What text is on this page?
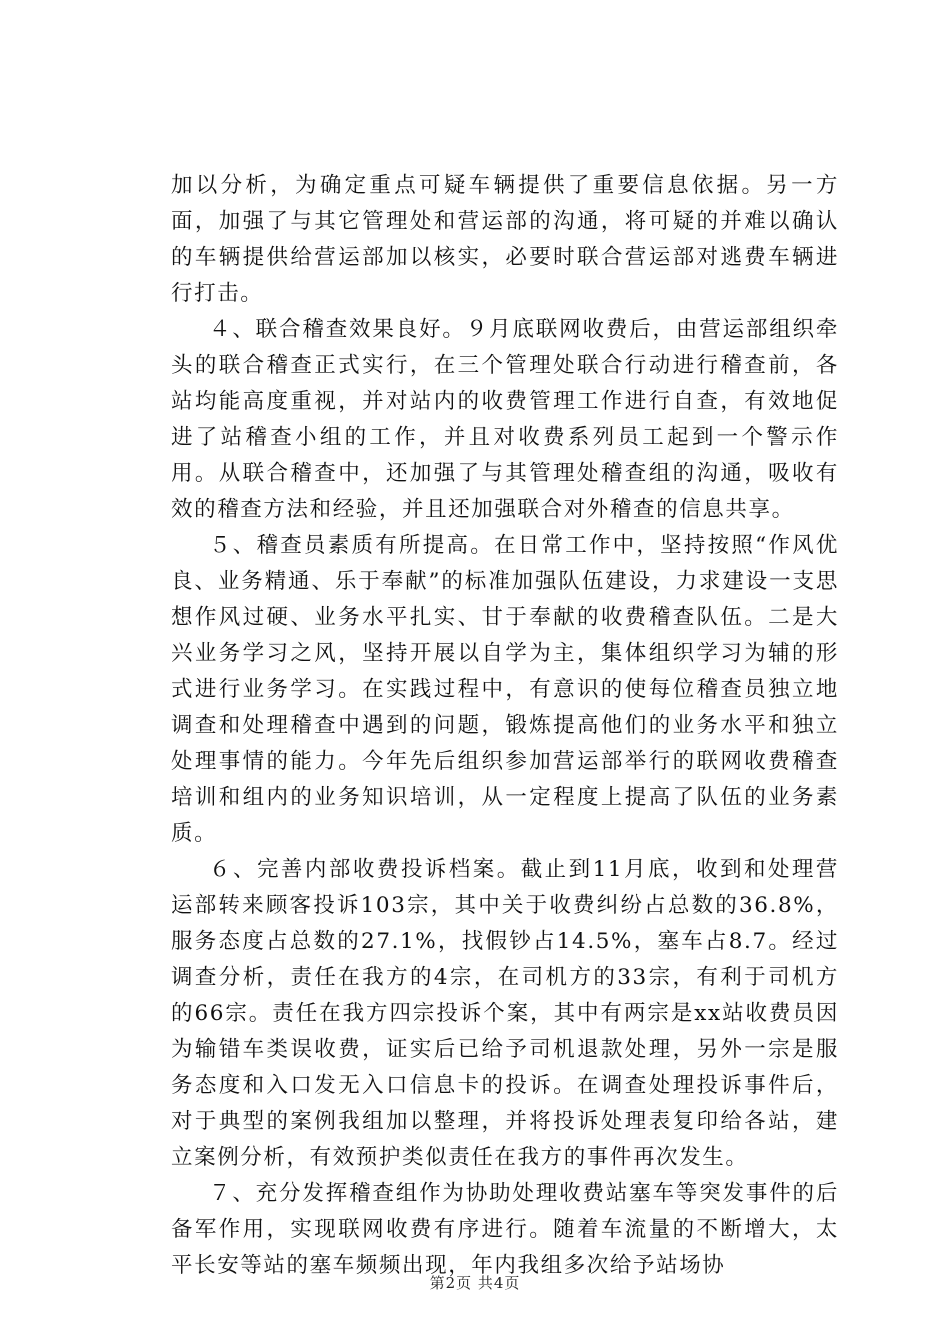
加以分析，为确定重点可疑车辆提供了重要信息依据。另一方面，加强了与其它管理处和营运部的沟通，将可疑的并难以确认的车辆提供给营运部加以核实，必要时联合营运部对逃费车辆进行打击。

４、联合稽查效果良好。９月底联网收费后，由营运部组织牵头的联合稽查正式实行，在三个管理处联合行动进行稽查前，各站均能高度重视，并对站内的收费管理工作进行自查，有效地促进了站稽查小组的工作，并且对收费系列员工起到一个警示作用。从联合稽查中，还加强了与其管理处稽查组的沟通，吸收有效的稽查方法和经验，并且还加强联合对外稽查的信息共享。

５、稽查员素质有所提高。在日常工作中，坚持按照“作风优良、业务精通、乐于奉献”的标准加强队伍建设，力求建设一支思想作风过硬、业务水平扎实、甘于奉献的收费稽查队伍。二是大兴业务学习之风，坚持开展以自学为主，集体组织学习为辅的形式进行业务学习。在实践过程中，有意识的使每位稽查员独立地调查和处理稽查中遇到的问题，锻炼提高他们的业务水平和独立处理事情的能力。今年先后组织参加营运部举行的联网收费稽查培训和组内的业务知识培训，从一定程度上提高了队伍的业务素质。

６、完善内部收费投诉档案。截止到11月底，收到和处理营运部转来顾客投诉103宗，其中关于收费纠纷占总数的36.8%，服务态度占总数的27.1%，找假钞占14.5%，塞车占8.7。经过调查分析，责任在我方的4宗，在司机方的33宗，有利于司机方的66宗。责任在我方四宗投诉个案，其中有两宗是xx站收费员因为输错车类误收费，证实后已给予司机退款处理，另外一宗是服务态度和入口发无入口信息卡的投诉。在调查处理投诉事件后，对于典型的案例我组加以整理，并将投诉处理表复印给各站，建立案例分析，有效预护类似责任在我方的事件再次发生。

７、充分发挥稽查组作为协助处理收费站塞车等突发事件的后备军作用，实现联网收费有序进行。随着车流量的不断增大，太平长安等站的塞车频频出现，年内我组多次给予站场协

第2页 共4页
